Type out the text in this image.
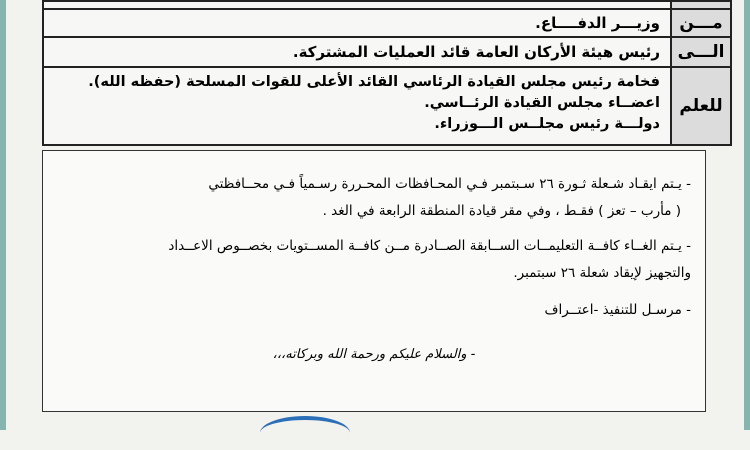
مـــن
وزيـــر الدفــــاع.
الـــى
رئيس هيئة الأركان العامة قائد العمليات المشتركة.
للعلم
فخامة رئيس مجلس القيادة الرئاسي القائد الأعلى للقوات المسلحة (حفظه الله).
اعضــاء مجلس القيادة الرئــاسي.
دولـــة رئيس مجلــس الـــوزراء.
- يـتم ايقـاد شـعلة ثـورة ٢٦ سـبتمبر فـي المحـافظات المحـررة رسـمياً فـي محــافظتي
( مأرب – تعز ) فقـط ، وفي مقر قيادة المنطقة الرابعة في الغد .
- يـتم الغــاء كافــة التعليمــات الســابقة الصــادرة مــن كافــة المســتويات بخصــوص الاعــداد
والتجهيز لإيقاد شعلة ٢٦ سبتمبر.
- مرسـل للتنفيذ -اعتــراف
- والسلام عليكم ورحمة الله وبركاته،،،
